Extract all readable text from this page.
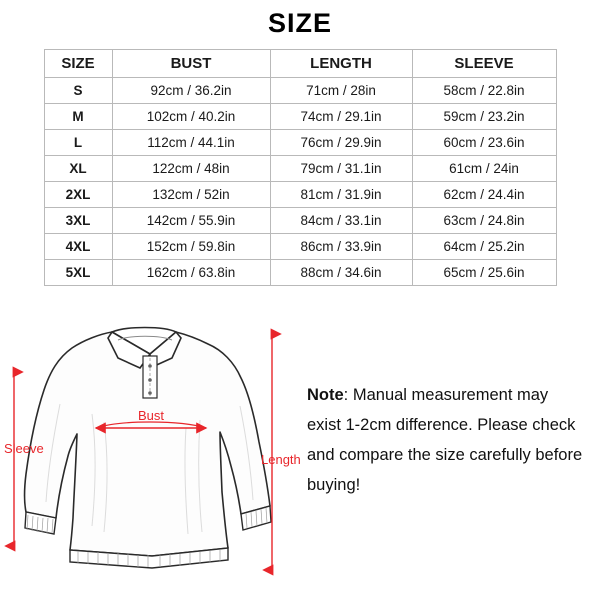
SIZE
SIZE	BUST	LENGTH	SLEEVE
S	92cm / 36.2in	71cm / 28in	58cm / 22.8in
M	102cm / 40.2in	74cm / 29.1in	59cm / 23.2in
L	112cm / 44.1in	76cm / 29.9in	60cm / 23.6in
XL	122cm / 48in	79cm / 31.1in	61cm / 24in
2XL	132cm / 52in	81cm / 31.9in	62cm / 24.4in
3XL	142cm / 55.9in	84cm / 33.1in	63cm / 24.8in
4XL	152cm / 59.8in	86cm / 33.9in	64cm / 25.2in
5XL	162cm / 63.8in	88cm / 34.6in	65cm / 25.6in
Bust
Sleeve
Length
Note: Manual measurement may exist 1-2cm difference. Please check and compare the size carefully before buying!
